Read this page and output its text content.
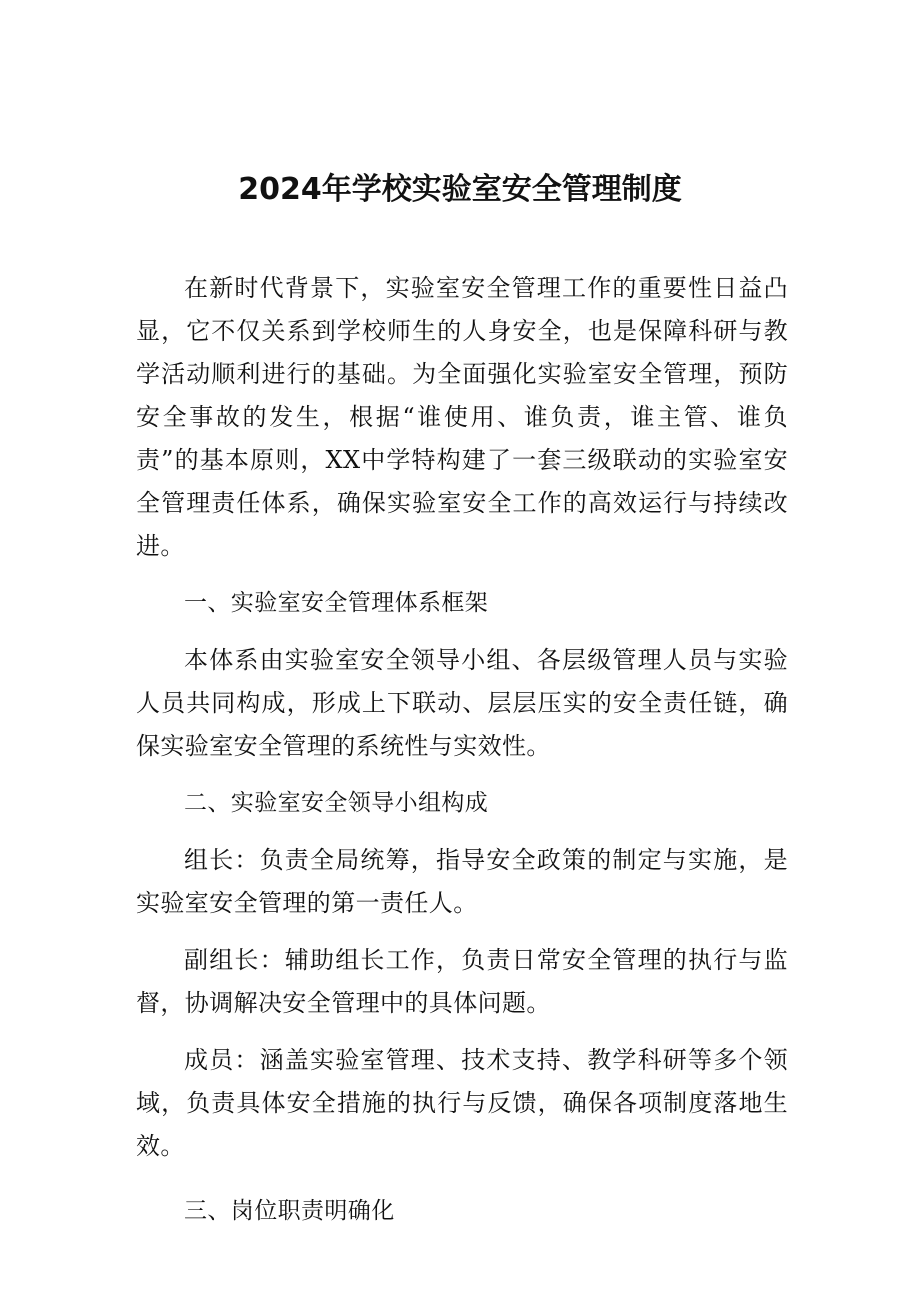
2024年学校实验室安全管理制度

在新时代背景下，实验室安全管理工作的重要性日益凸显，它不仅关系到学校师生的人身安全，也是保障科研与教学活动顺利进行的基础。为全面强化实验室安全管理，预防安全事故的发生，根据“谁使用、谁负责，谁主管、谁负责”的基本原则，XX中学特构建了一套三级联动的实验室安全管理责任体系，确保实验室安全工作的高效运行与持续改进。

一、实验室安全管理体系框架

本体系由实验室安全领导小组、各层级管理人员与实验人员共同构成，形成上下联动、层层压实的安全责任链，确保实验室安全管理的系统性与实效性。

二、实验室安全领导小组构成

组长：负责全局统筹，指导安全政策的制定与实施，是实验室安全管理的第一责任人。

副组长：辅助组长工作，负责日常安全管理的执行与监督，协调解决安全管理中的具体问题。

成员：涵盖实验室管理、技术支持、教学科研等多个领域，负责具体安全措施的执行与反馈，确保各项制度落地生效。

三、岗位职责明确化
